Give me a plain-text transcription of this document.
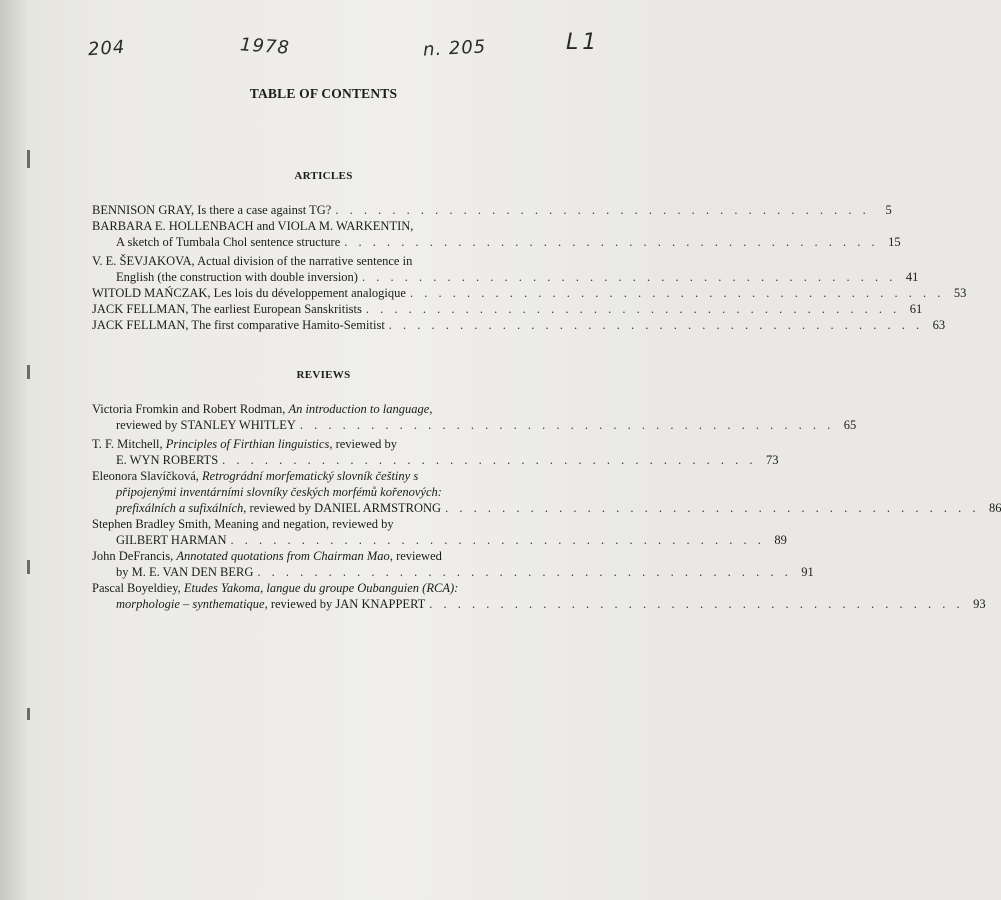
204	1978	n. 205	L1
TABLE OF CONTENTS
ARTICLES
BENNISON GRAY, Is there a case against TG? . . . . . . . . . . . . . . . . . . . . . . . . . . . . . . . . . . . . . .	5
BARBARA E. HOLLENBACH and VIOLA M. WARKENTIN,
A sketch of Tumbala Chol sentence structure . . . . . . . . . . . . . . . . . . . . . . . . . . . . . . . . . . . . . . 15
V. E. ŠEVJAKOVA, Actual division of the narrative sentence in
English (the construction with double inversion) . . . . . . . . . . . . . . . . . . . . . . . . . . . . . . . . . . . . . . 41
WITOLD MAŃCZAK, Les lois du développement analogique . . . . . . . . . . . . . . . . . . . . . . . . . . . . . . . . . . . . . . 53
JACK FELLMAN, The earliest European Sanskritists . . . . . . . . . . . . . . . . . . . . . . . . . . . . . . . . . . . . . . 61
JACK FELLMAN, The first comparative Hamito-Semitist . . . . . . . . . . . . . . . . . . . . . . . . . . . . . . . . . . . . . . 63
REVIEWS
Victoria Fromkin and Robert Rodman, An introduction to language,
reviewed by STANLEY WHITLEY . . . . . . . . . . . . . . . . . . . . . . . . . . . . . . . . . . . . . . 65
T. F. Mitchell, Principles of Firthian linguistics, reviewed by
E. WYN ROBERTS . . . . . . . . . . . . . . . . . . . . . . . . . . . . . . . . . . . . . . 73
Eleonora Slavíčková, Retrográdní morfematický slovník češtiny s
připojenými inventárními slovníky českých morfémů kořenových:
prefixálních a sufixálních, reviewed by DANIEL ARMSTRONG . . . . . . . . . . . . . . . . . . . . . . . . . . . . . . . . . . . . . . 86
Stephen Bradley Smith, Meaning and negation, reviewed by
GILBERT HARMAN . . . . . . . . . . . . . . . . . . . . . . . . . . . . . . . . . . . . . . 89
John DeFrancis, Annotated quotations from Chairman Mao, reviewed
by M. E. VAN DEN BERG . . . . . . . . . . . . . . . . . . . . . . . . . . . . . . . . . . . . . . 91
Pascal Boyeldiey, Etudes Yakoma, langue du groupe Oubanguien (RCA):
morphologie – synthematique, reviewed by JAN KNAPPERT . . . . . . . . . . . . . . . . . . . . . . . . . . . . . . . . . . . . . . 93
